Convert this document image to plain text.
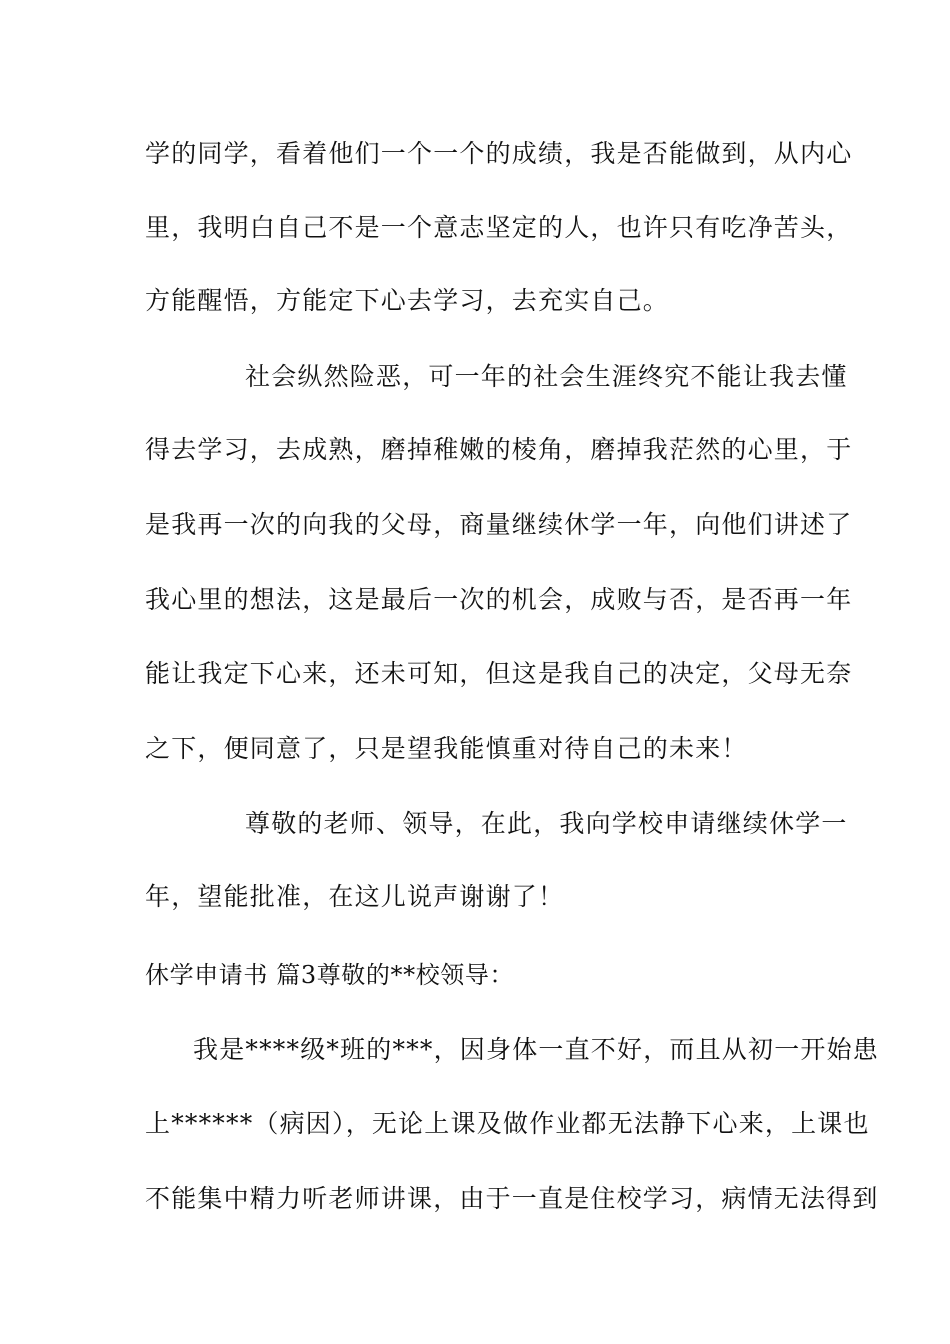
学的同学，看着他们一个一个的成绩，我是否能做到，从内心
里，我明白自己不是一个意志坚定的人，也许只有吃净苦头，
方能醒悟，方能定下心去学习，去充实自己。
社会纵然险恶，可一年的社会生涯终究不能让我去懂
得去学习，去成熟，磨掉稚嫩的棱角，磨掉我茫然的心里，于
是我再一次的向我的父母，商量继续休学一年，向他们讲述了
我心里的想法，这是最后一次的机会，成败与否，是否再一年
能让我定下心来，还未可知，但这是我自己的决定，父母无奈
之下，便同意了，只是望我能慎重对待自己的未来！
尊敬的老师、领导，在此，我向学校申请继续休学一
年，望能批准，在这儿说声谢谢了！
休学申请书 篇3尊敬的**校领导：
我是****级*班的***，因身体一直不好，而且从初一开始患
上******（病因），无论上课及做作业都无法静下心来，上课也
不能集中精力听老师讲课，由于一直是住校学习，病情无法得到
